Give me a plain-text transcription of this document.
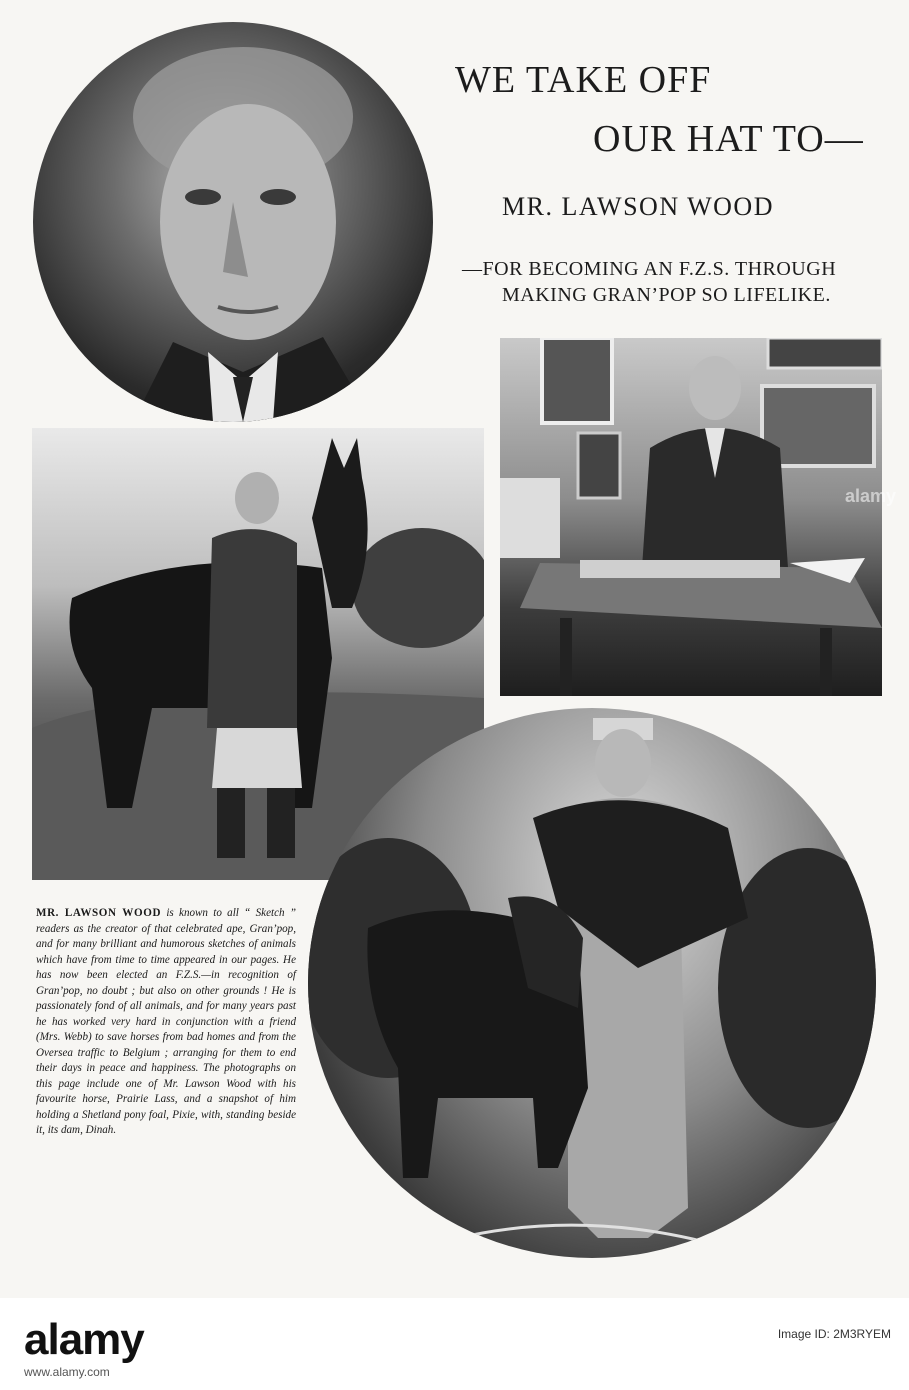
WE TAKE OFF
OUR HAT TO—
MR. LAWSON WOOD
—FOR BECOMING AN F.Z.S. THROUGH
MAKING GRAN’POP SO LIFELIKE.
MR. LAWSON WOOD is known to all “ Sketch ” readers as the creator of that celebrated ape, Gran’pop, and for many brilliant and humorous sketches of animals which have from time to time appeared in our pages. He has now been elected an F.Z.S.—in recognition of Gran’pop, no doubt ; but also on other grounds ! He is passionately fond of all animals, and for many years past he has worked very hard in conjunction with a friend (Mrs. Webb) to save horses from bad homes and from the Oversea traffic to Belgium ; arranging for them to end their days in peace and happiness. The photographs on this page include one of Mr. Lawson Wood with his favourite horse, Prairie Lass, and a snapshot of him holding a Shetland pony foal, Pixie, with, standing beside it, its dam, Dinah.
alamy
alamy
www.alamy.com
Image ID: 2M3RYEM
